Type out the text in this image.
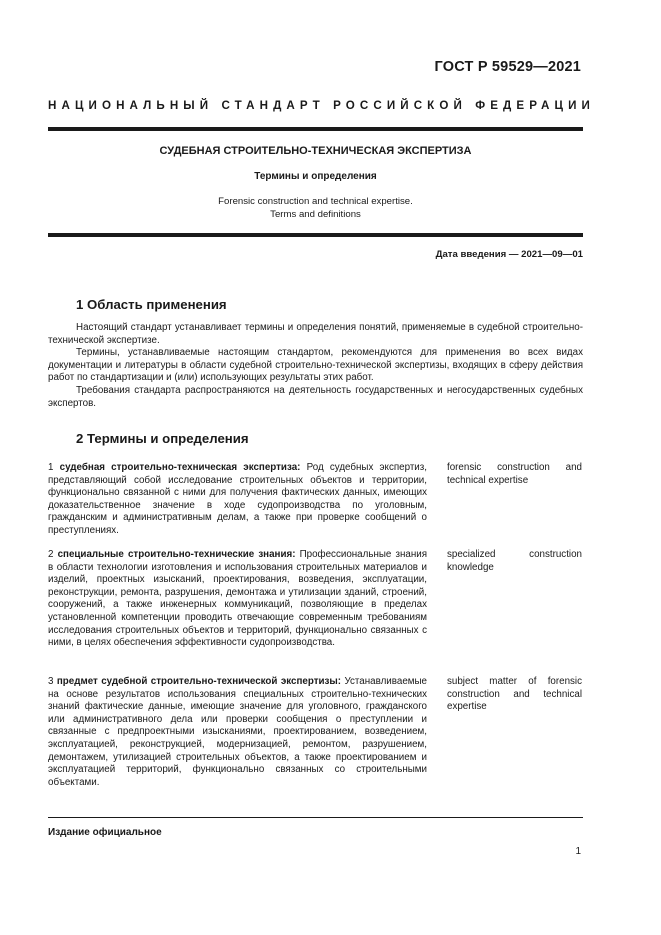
ГОСТ Р 59529—2021
НАЦИОНАЛЬНЫЙ СТАНДАРТ РОССИЙСКОЙ ФЕДЕРАЦИИ
СУДЕБНАЯ СТРОИТЕЛЬНО-ТЕХНИЧЕСКАЯ ЭКСПЕРТИЗА
Термины и определения
Forensic construction and technical expertise.
Terms and definitions
Дата введения — 2021—09—01
1 Область применения

Настоящий стандарт устанавливает термины и определения понятий, применяемые в судебной строительно-технической экспертизе.

Термины, устанавливаемые настоящим стандартом, рекомендуются для применения во всех видах документации и литературы в области судебной строительно-технической экспертизы, входящих в сферу действия работ по стандартизации и (или) использующих результаты этих работ.

Требования стандарта распространяются на деятельность государственных и негосударственных судебных экспертов.

2 Термины и определения
1 судебная строительно-техническая экспертиза: Род судебных экспертиз, представляющий собой исследование строительных объектов и территории, функционально связанной с ними для получения фактических данных, имеющих доказательственное значение в ходе судопроизводства по уголовным, гражданским и административным делам, а также при проверке сообщений о преступлениях.
forensic construction and technical expertise
2 специальные строительно-технические знания: Профессиональные знания в области технологии изготовления и использования строительных материалов и изделий, проектных изысканий, проектирования, возведения, эксплуатации, реконструкции, ремонта, разрушения, демонтажа и утилизации зданий, строений, сооружений, а также инженерных коммуникаций, позволяющие в пределах установленной компетенции проводить отвечающие современным требованиям исследования строительных объектов и территорий, функционально связанных с ними, в целях обеспечения эффективности судопроизводства.
specialized construction knowledge
3 предмет судебной строительно-технической экспертизы: Устанавливаемые на основе результатов использования специальных строительно-технических знаний фактические данные, имеющие значение для уголовного, гражданского или административного дела или проверки сообщения о преступлении и связанные с предпроектными изысканиями, проектированием, возведением, эксплуатацией, реконструкцией, модернизацией, ремонтом, разрушением, демонтажем, утилизацией строительных объектов, а также проектированием и эксплуатацией территорий, функционально связанных со строительными объектами.
subject matter of forensic construction and technical expertise
Издание официальное
1
